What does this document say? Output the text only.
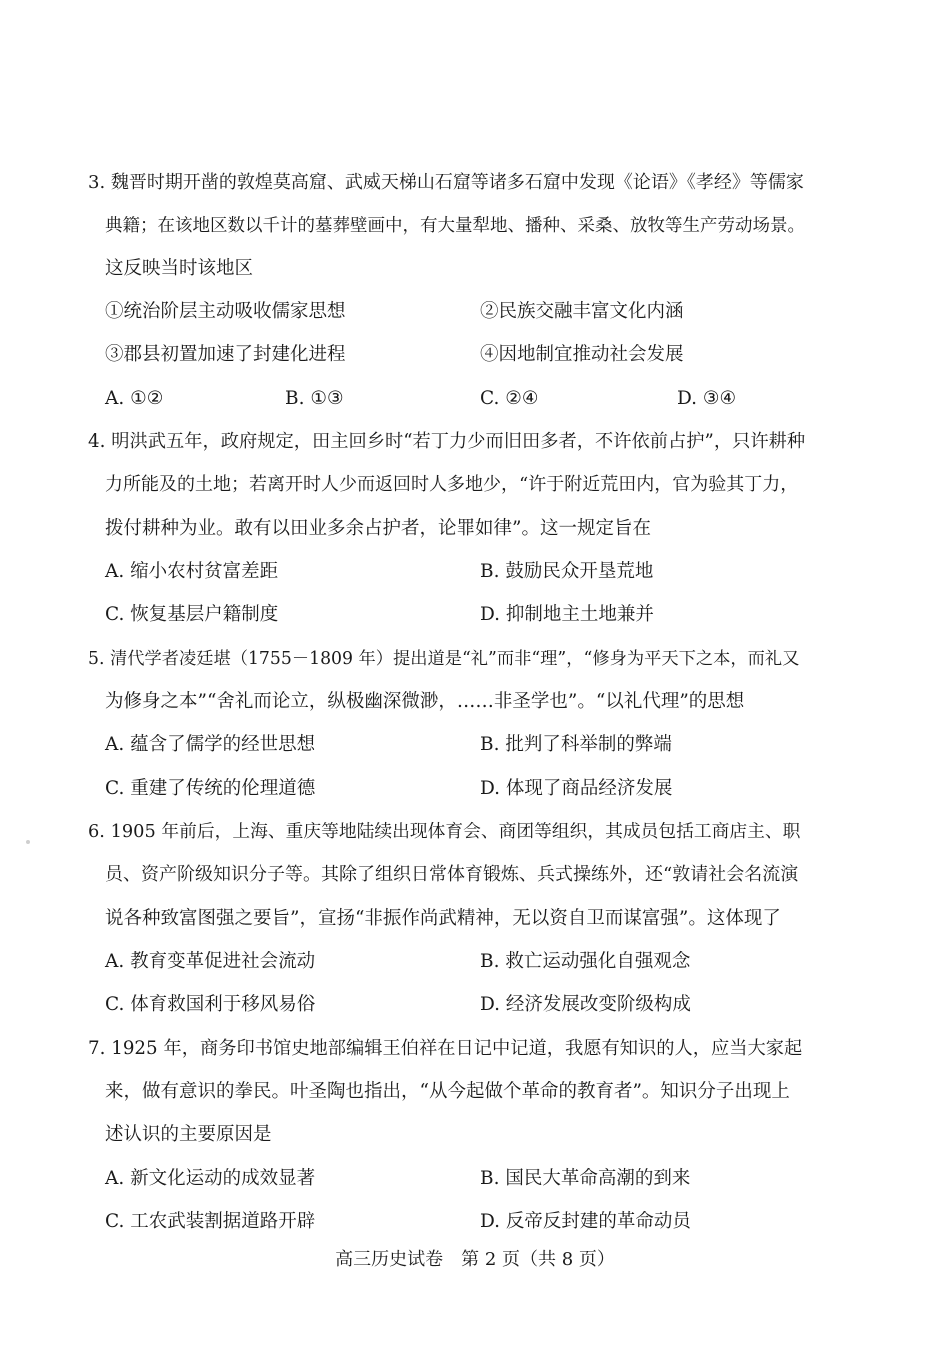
3. 魏晋时期开凿的敦煌莫高窟、武威天梯山石窟等诸多石窟中发现《论语》《孝经》等儒家
典籍；在该地区数以千计的墓葬壁画中，有大量犁地、播种、采桑、放牧等生产劳动场景。
这反映当时该地区
①统治阶层主动吸收儒家思想	②民族交融丰富文化内涵
③郡县初置加速了封建化进程	④因地制宜推动社会发展
A. ①②	B. ①③	C. ②④	D. ③④
4. 明洪武五年，政府规定，田主回乡时“若丁力少而旧田多者，不许依前占护”，只许耕种
力所能及的土地；若离开时人少而返回时人多地少，“许于附近荒田内，官为验其丁力，
拨付耕种为业。敢有以田业多余占护者，论罪如律”。这一规定旨在
A. 缩小农村贫富差距	B. 鼓励民众开垦荒地
C. 恢复基层户籍制度	D. 抑制地主土地兼并
5. 清代学者凌廷堪（1755－1809 年）提出道是“礼”而非“理”，“修身为平天下之本，而礼又
为修身之本”“舍礼而论立，纵极幽深微渺，……非圣学也”。“以礼代理”的思想
A. 蕴含了儒学的经世思想	B. 批判了科举制的弊端
C. 重建了传统的伦理道德	D. 体现了商品经济发展
6. 1905 年前后，上海、重庆等地陆续出现体育会、商团等组织，其成员包括工商店主、职
员、资产阶级知识分子等。其除了组织日常体育锻炼、兵式操练外，还“敦请社会名流演
说各种致富图强之要旨”，宣扬“非振作尚武精神，无以资自卫而谋富强”。这体现了
A. 教育变革促进社会流动	B. 救亡运动强化自强观念
C. 体育救国利于移风易俗	D. 经济发展改变阶级构成
7. 1925 年，商务印书馆史地部编辑王伯祥在日记中记道，我愿有知识的人，应当大家起
来，做有意识的拳民。叶圣陶也指出，“从今起做个革命的教育者”。知识分子出现上
述认识的主要原因是
A. 新文化运动的成效显著	B. 国民大革命高潮的到来
C. 工农武装割据道路开辟	D. 反帝反封建的革命动员
高三历史试卷　第 2 页（共 8 页）
